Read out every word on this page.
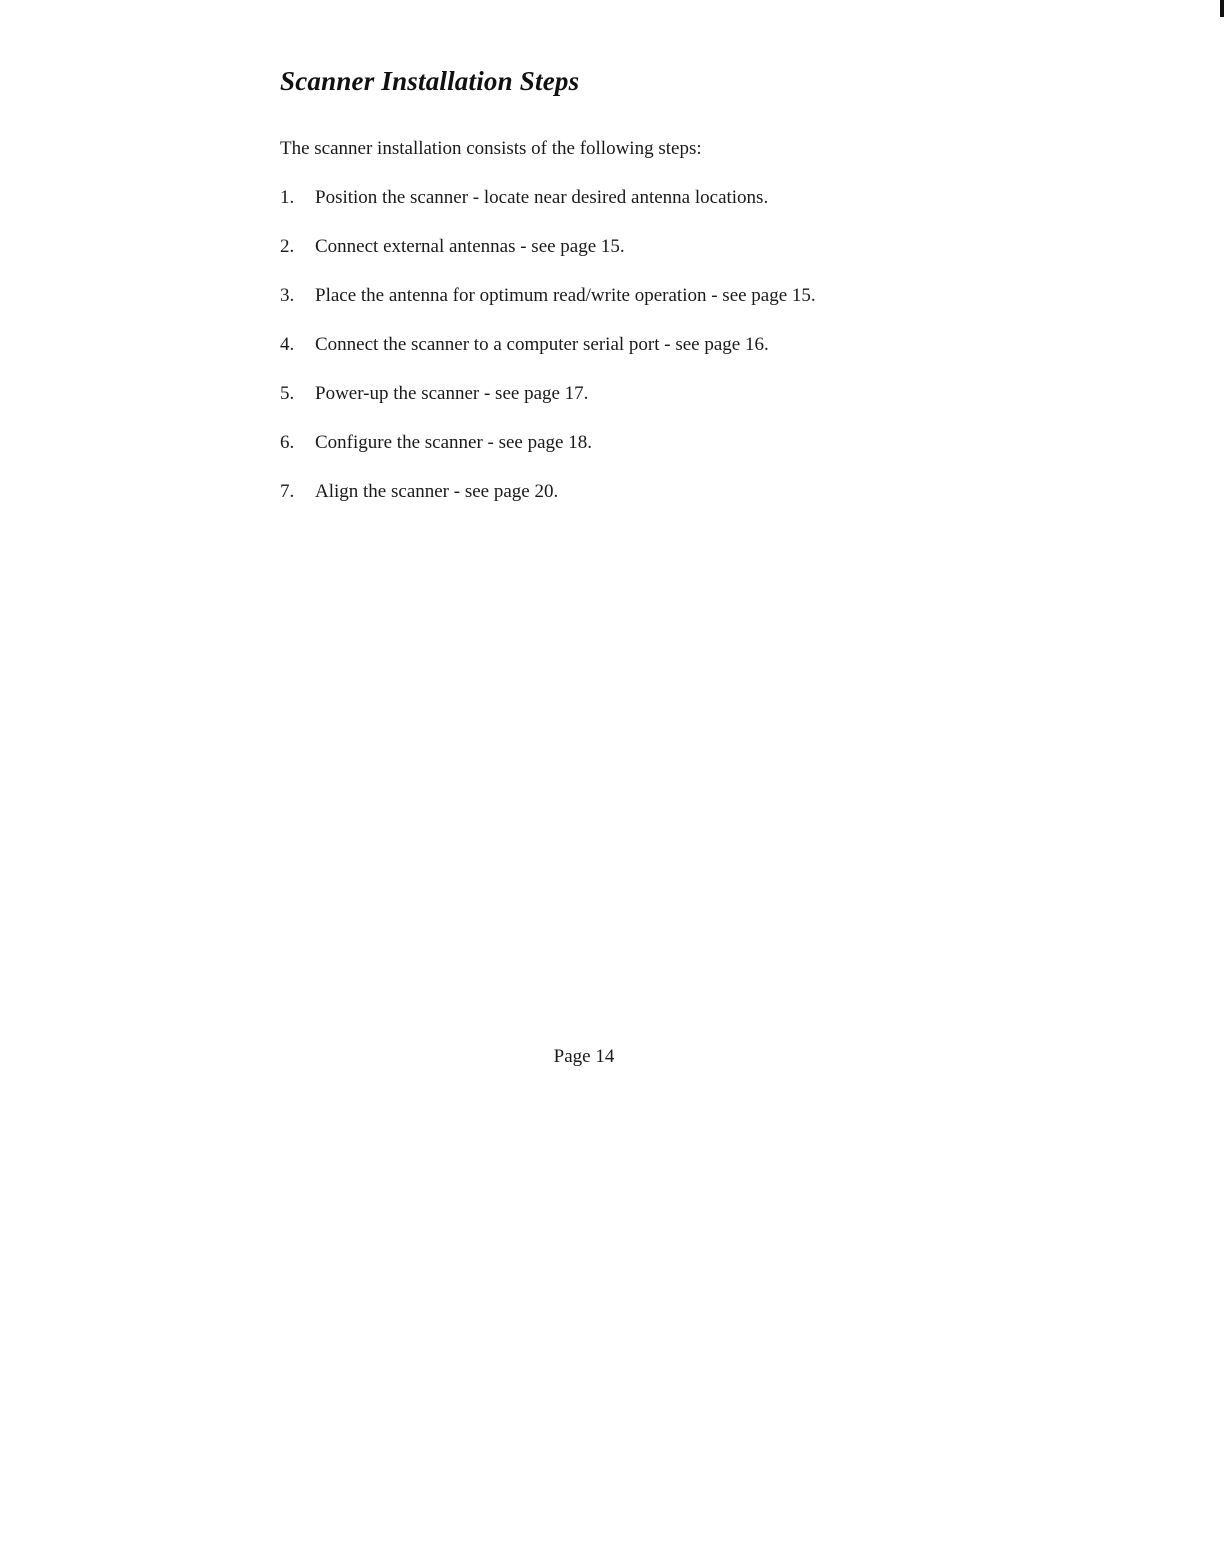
Scanner Installation Steps

The scanner installation consists of the following steps:

1. Position the scanner - locate near desired antenna locations.
2. Connect external antennas - see page 15.
3. Place the antenna for optimum read/write operation - see page 15.
4. Connect the scanner to a computer serial port - see page 16.
5. Power-up the scanner - see page 17.
6. Configure the scanner - see page 18.
7. Align the scanner - see page 20.
Page 14
